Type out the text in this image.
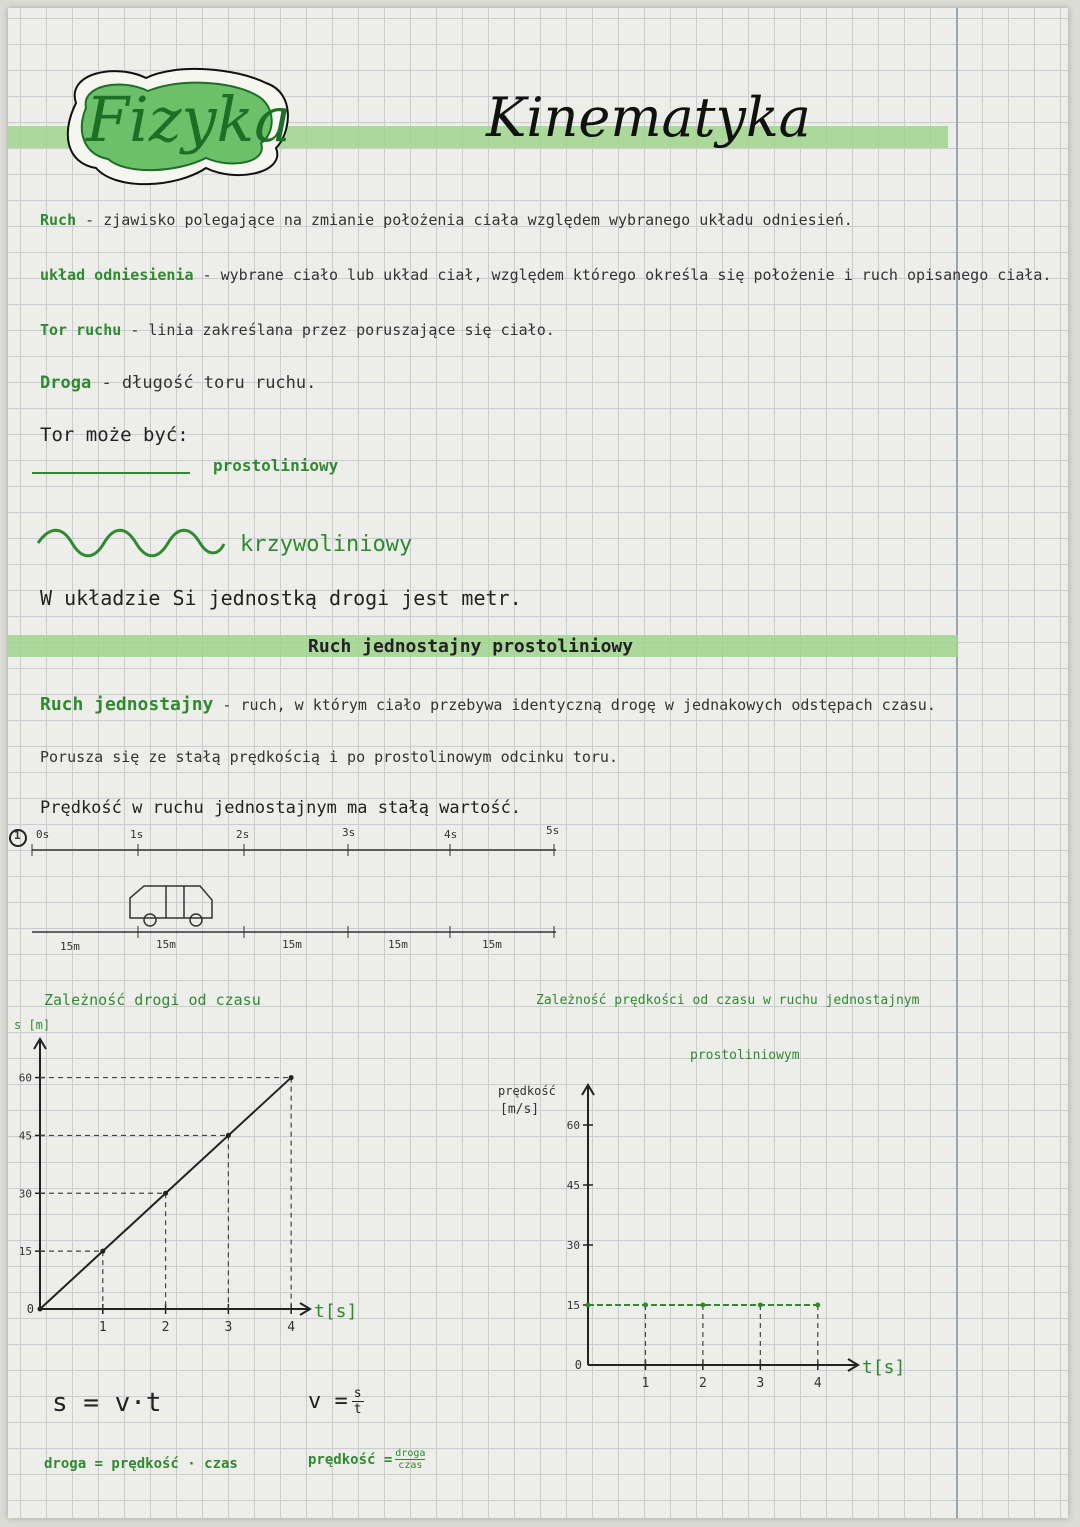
Fizyka	Kinematyka
Ruch - zjawisko polegające na zmianie położenia ciała względem wybranego układu odniesień.
układ odniesienia - wybrane ciało lub układ ciał, względem którego określa się położenie i ruch opisanego ciała.
Tor ruchu - linia zakreślana przez poruszające się ciało.
Droga - długość toru ruchu.
Tor może być:
prostoliniowy
krzywoliniowy
W układzie Si jednostką drogi jest metr.
Ruch jednostajny prostoliniowy
Ruch jednostajny - ruch, w którym ciało przebywa identyczną drogę w jednakowych odstępach czasu.
Porusza się ze stałą prędkością i po prostolinowym odcinku toru.
Prędkość w ruchu jednostajnym ma stałą wartość.
1 0s	1s	2s	3s	4s	5s
15m	15m	15m	15m	15m
Zależność drogi od czasu	Zależność prędkości od czasu w ruchu jednostajnym
prostoliniowym
1	2	3	4
15
30
45
60
0	t[s]
s [m]
1	2	3	4
15
30
45
60
0	t[s]
prędkość
[m/s]
s = v·t	$v = \frac{s}{t}$
droga = prędkość · czas	prędkość = droga
czas
